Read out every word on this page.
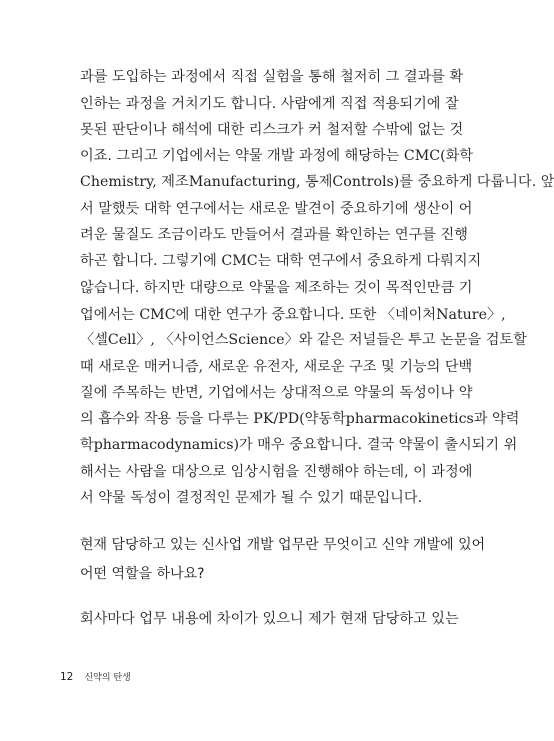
과를 도입하는 과정에서 직접 실험을 통해 철저히 그 결과를 확
인하는 과정을 거치기도 합니다. 사람에게 직접 적용되기에 잘
못된 판단이나 해석에 대한 리스크가 커 철저할 수밖에 없는 것
이죠. 그리고 기업에서는 약물 개발 과정에 해당하는 CMC(화학
Chemistry, 제조Manufacturing, 통제Controls)를 중요하게 다룹니다. 앞
서 말했듯 대학 연구에서는 새로운 발견이 중요하기에 생산이 어
려운 물질도 조금이라도 만들어서 결과를 확인하는 연구를 진행
하곤 합니다. 그렇기에 CMC는 대학 연구에서 중요하게 다뤄지지
않습니다. 하지만 대량으로 약물을 제조하는 것이 목적인만큼 기
업에서는 CMC에 대한 연구가 중요합니다. 또한 〈네이처Nature〉,
〈셀Cell〉, 〈사이언스Science〉와 같은 저널들은 투고 논문을 검토할
때 새로운 매커니즘, 새로운 유전자, 새로운 구조 및 기능의 단백
질에 주목하는 반면, 기업에서는 상대적으로 약물의 독성이나 약
의 흡수와 작용 등을 다루는 PK/PD(약동학pharmacokinetics과 약력
학pharmacodynamics)가 매우 중요합니다. 결국 약물이 출시되기 위
해서는 사람을 대상으로 임상시험을 진행해야 하는데, 이 과정에
서 약물 독성이 결정적인 문제가 될 수 있기 때문입니다.
현재 담당하고 있는 신사업 개발 업무란 무엇이고 신약 개발에 있어
어떤 역할을 하나요?
회사마다 업무 내용에 차이가 있으니 제가 현재 담당하고 있는
12 신약의 탄생
